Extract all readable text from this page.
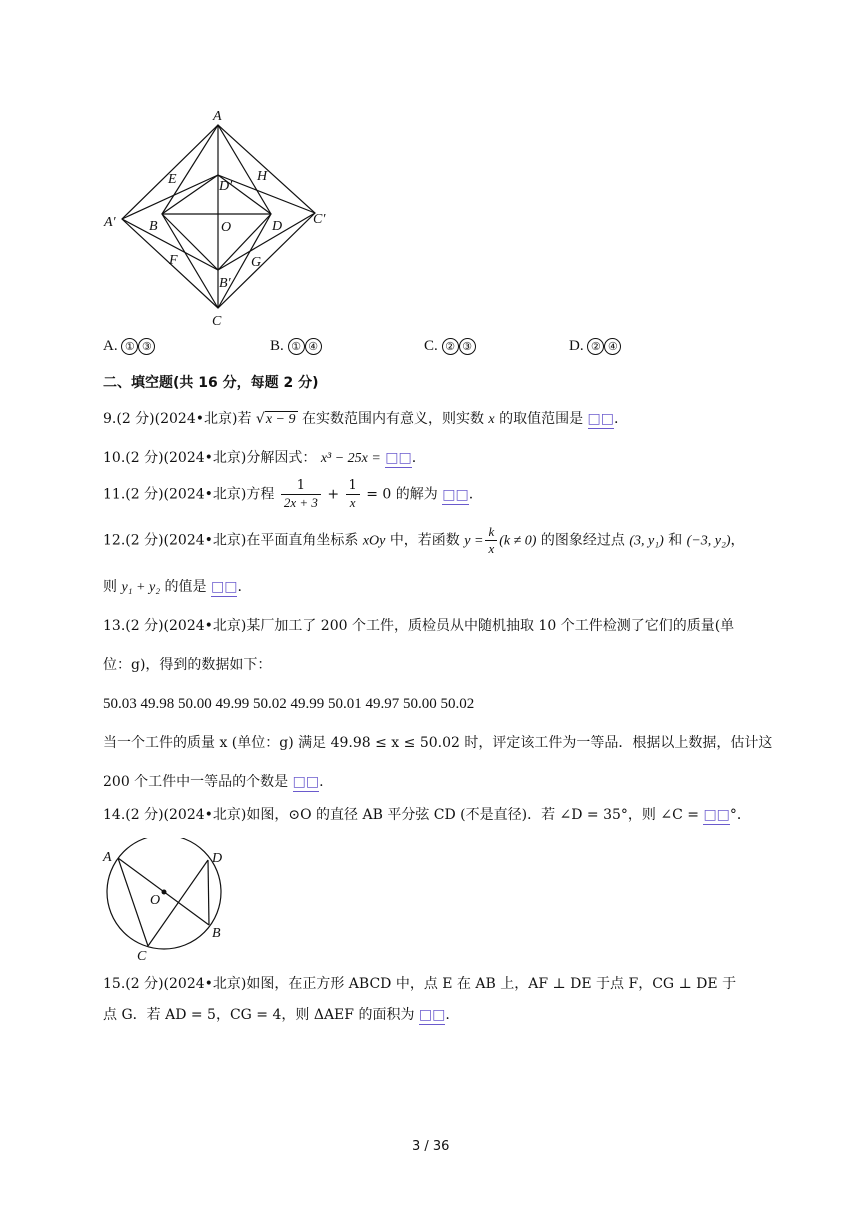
A
A′ B
B′
C
C′
D
D′
E
F	G
H
O
A. ① ③	B. ① ④	C. ② ③	D. ② ④
二、填空题(共 16 分，每题 2 分)
9.(2 分)(2024•北京)若 √x − 9 在实数范围内有意义，则实数 x 的取值范围是 □□.
10.(2 分)(2024•北京)分解因式： x³ − 25x = □□.
11.(2 分)(2024•北京)方程 $\frac{1}{2x + 3} + \frac{1}{x} = 0$ 的解为 □□.
12.(2 分)(2024•北京)在平面直角坐标系 xOy 中，若函数 $y = \frac{k}{x} (k \ne 0)$ 的图象经过点 (3, y₁) 和 (−3, y₂)，
则 y₁ + y₂ 的值是 □□.
13.(2 分)(2024•北京)某厂加工了 200 个工件，质检员从中随机抽取 10 个工件检测了它们的质量(单
位：g)，得到的数据如下：
50.03 49.98 50.00 49.99 50.02 49.99 50.01 49.97 50.00 50.02
当一个工件的质量 x (单位：g) 满足 49.98 ≤ x ≤ 50.02 时，评定该工件为一等品．根据以上数据，估计这
200 个工件中一等品的个数是 □□.
14.(2 分)(2024•北京)如图，⊙O 的直径 AB 平分弦 CD (不是直径)．若 ∠D = 35°，则 ∠C = □□°．
A	D
O
B
C
15.(2 分)(2024•北京)如图，在正方形 ABCD 中，点 E 在 AB 上，AF ⊥ DE 于点 F，CG ⊥ DE 于
点 G．若 AD = 5，CG = 4，则 ΔAEF 的面积为 □□.
3 / 36
